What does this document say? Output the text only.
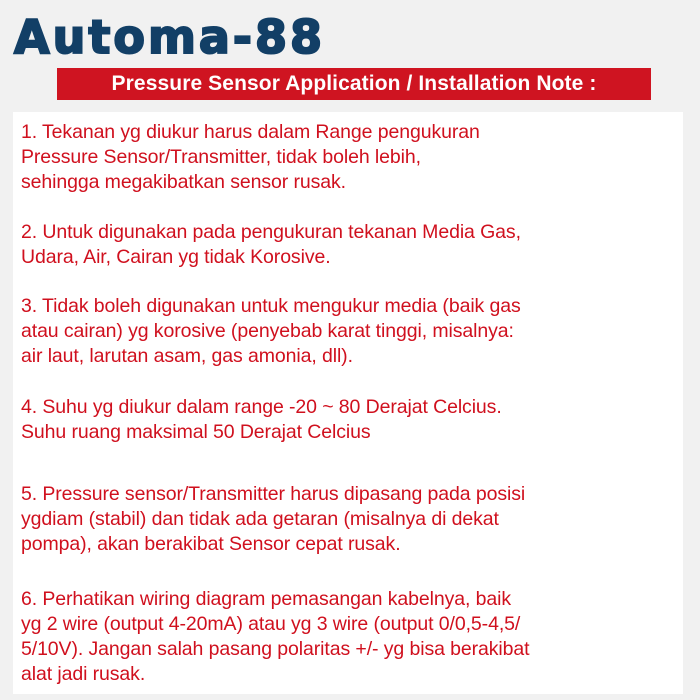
Automa-88
Pressure Sensor Application / Installation Note :

1. Tekanan yg diukur harus dalam Range pengukuran
Pressure Sensor/Transmitter, tidak boleh lebih,
sehingga megakibatkan sensor rusak.

2. Untuk digunakan pada pengukuran tekanan Media Gas,
Udara, Air, Cairan yg tidak Korosive.

3. Tidak boleh digunakan untuk mengukur media (baik gas
atau cairan) yg korosive (penyebab karat tinggi, misalnya:
air laut, larutan asam, gas amonia, dll).

4. Suhu yg diukur dalam range -20 ~ 80 Derajat Celcius.
Suhu ruang maksimal 50 Derajat Celcius

5. Pressure sensor/Transmitter harus dipasang pada posisi
ygdiam (stabil) dan tidak ada getaran (misalnya di dekat
pompa), akan berakibat Sensor cepat rusak.

6. Perhatikan wiring diagram pemasangan kabelnya, baik
yg 2 wire (output 4-20mA) atau yg 3 wire (output 0/0,5-4,5/
5/10V). Jangan salah pasang polaritas +/- yg bisa berakibat
alat jadi rusak.
